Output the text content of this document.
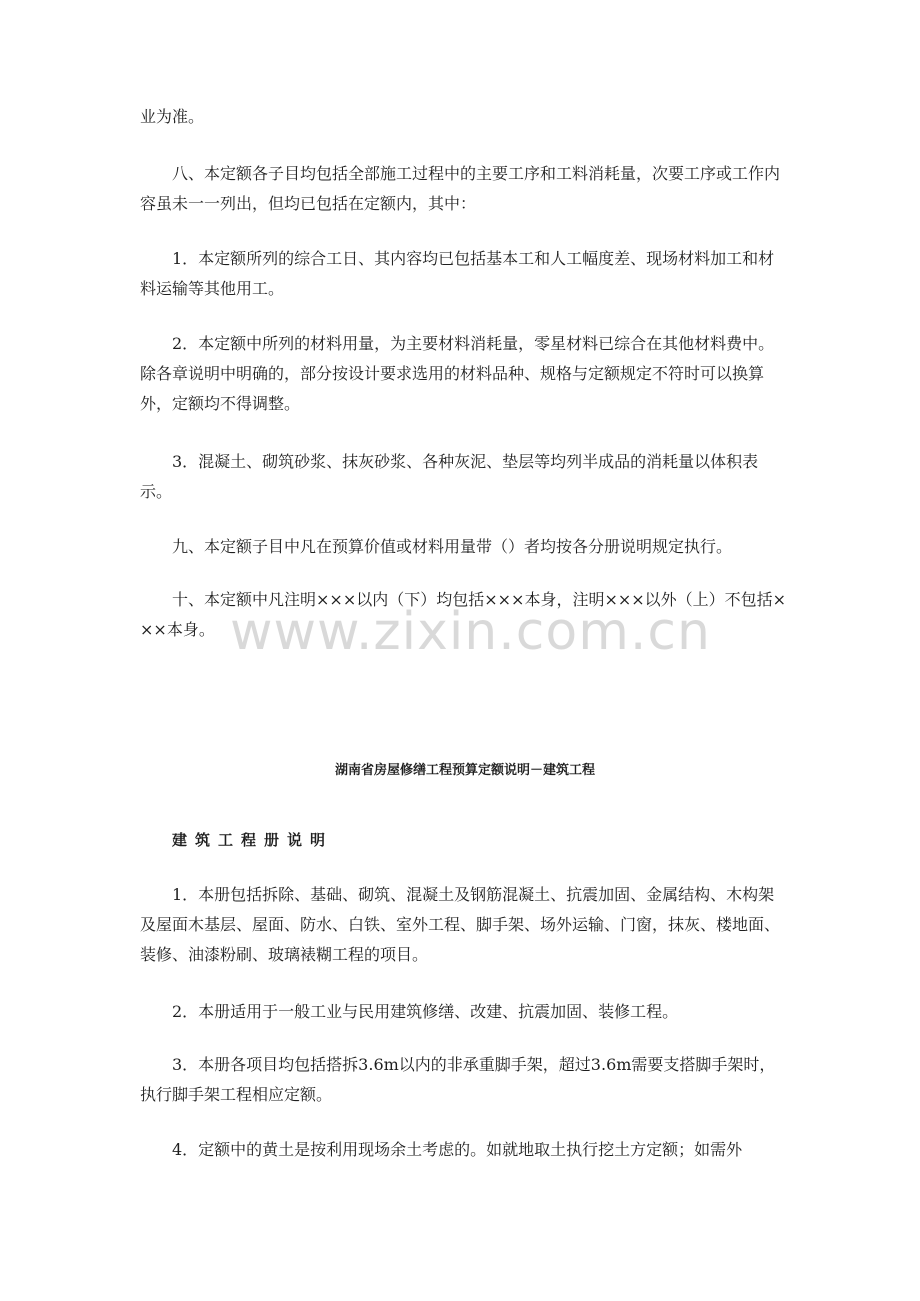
业为准。

八、本定额各子目均包括全部施工过程中的主要工序和工料消耗量，次要工序或工作内容虽未一一列出，但均已包括在定额内，其中：

1．本定额所列的综合工日、其内容均已包括基本工和人工幅度差、现场材料加工和材料运输等其他用工。

2．本定额中所列的材料用量，为主要材料消耗量，零星材料已综合在其他材料费中。除各章说明中明确的，部分按设计要求选用的材料品种、规格与定额规定不符时可以换算外，定额均不得调整。

3．混凝土、砌筑砂浆、抹灰砂浆、各种灰泥、垫层等均列半成品的消耗量以体积表示。

九、本定额子目中凡在预算价值或材料用量带（）者均按各分册说明规定执行。

十、本定额中凡注明×××以内（下）均包括×××本身，注明×××以外（上）不包括×××本身。 www.zixin.com.cn
湖南省房屋修缮工程预算定额说明－建筑工程
建筑工程册说明

1．本册包括拆除、基础、砌筑、混凝土及钢筋混凝土、抗震加固、金属结构、木构架及屋面木基层、屋面、防水、白铁、室外工程、脚手架、场外运输、门窗，抹灰、楼地面、装修、油漆粉刷、玻璃裱糊工程的项目。

2．本册适用于一般工业与民用建筑修缮、改建、抗震加固、装修工程。

3．本册各项目均包括搭拆3.6m以内的非承重脚手架，超过3.6m需要支搭脚手架时，执行脚手架工程相应定额。

4．定额中的黄土是按利用现场余土考虑的。如就地取土执行挖土方定额；如需外
